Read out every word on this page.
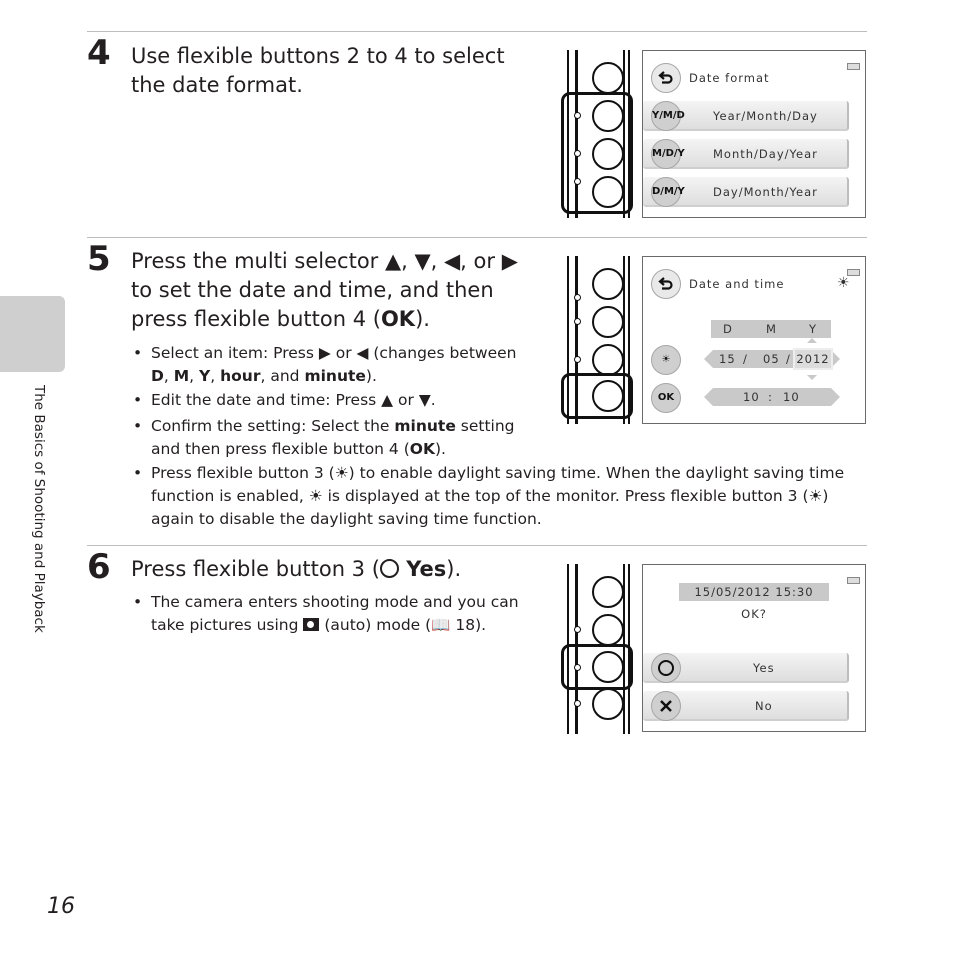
The Basics of Shooting and Playback
16
4 Use flexible buttons 2 to 4 to select
the date format.	Date format
Y/M/D Year/Month/Day
M/D/Y Month/Day/Year
D/M/Y Day/Month/Year
5 Press the multi selector ▲, ▼, ◀, or ▶
to set the date and time, and then
press flexible button 4 (OK).
• Select an item: Press ▶ or ◀ (changes between
D, M, Y, hour, and minute).
• Edit the date and time: Press ▲ or ▼.
• Confirm the setting: Select the minute setting
and then press flexible button 4 (OK).
• Press flexible button 3 (☀) to enable daylight saving time. When the daylight saving time
function is enabled, ☀ is displayed at the top of the monitor. Press flexible button 3 (☀)
again to disable the daylight saving time function.
Date and time	☀
D	M	Y
☀	15 / 05 / 2012
OK	10 : 10
6 Press flexible button 3 ( Yes).
• The camera enters shooting mode and you can
take pictures using
(auto) mode (📖 18).
15/05/2012 15:30
OK?
Yes
No
